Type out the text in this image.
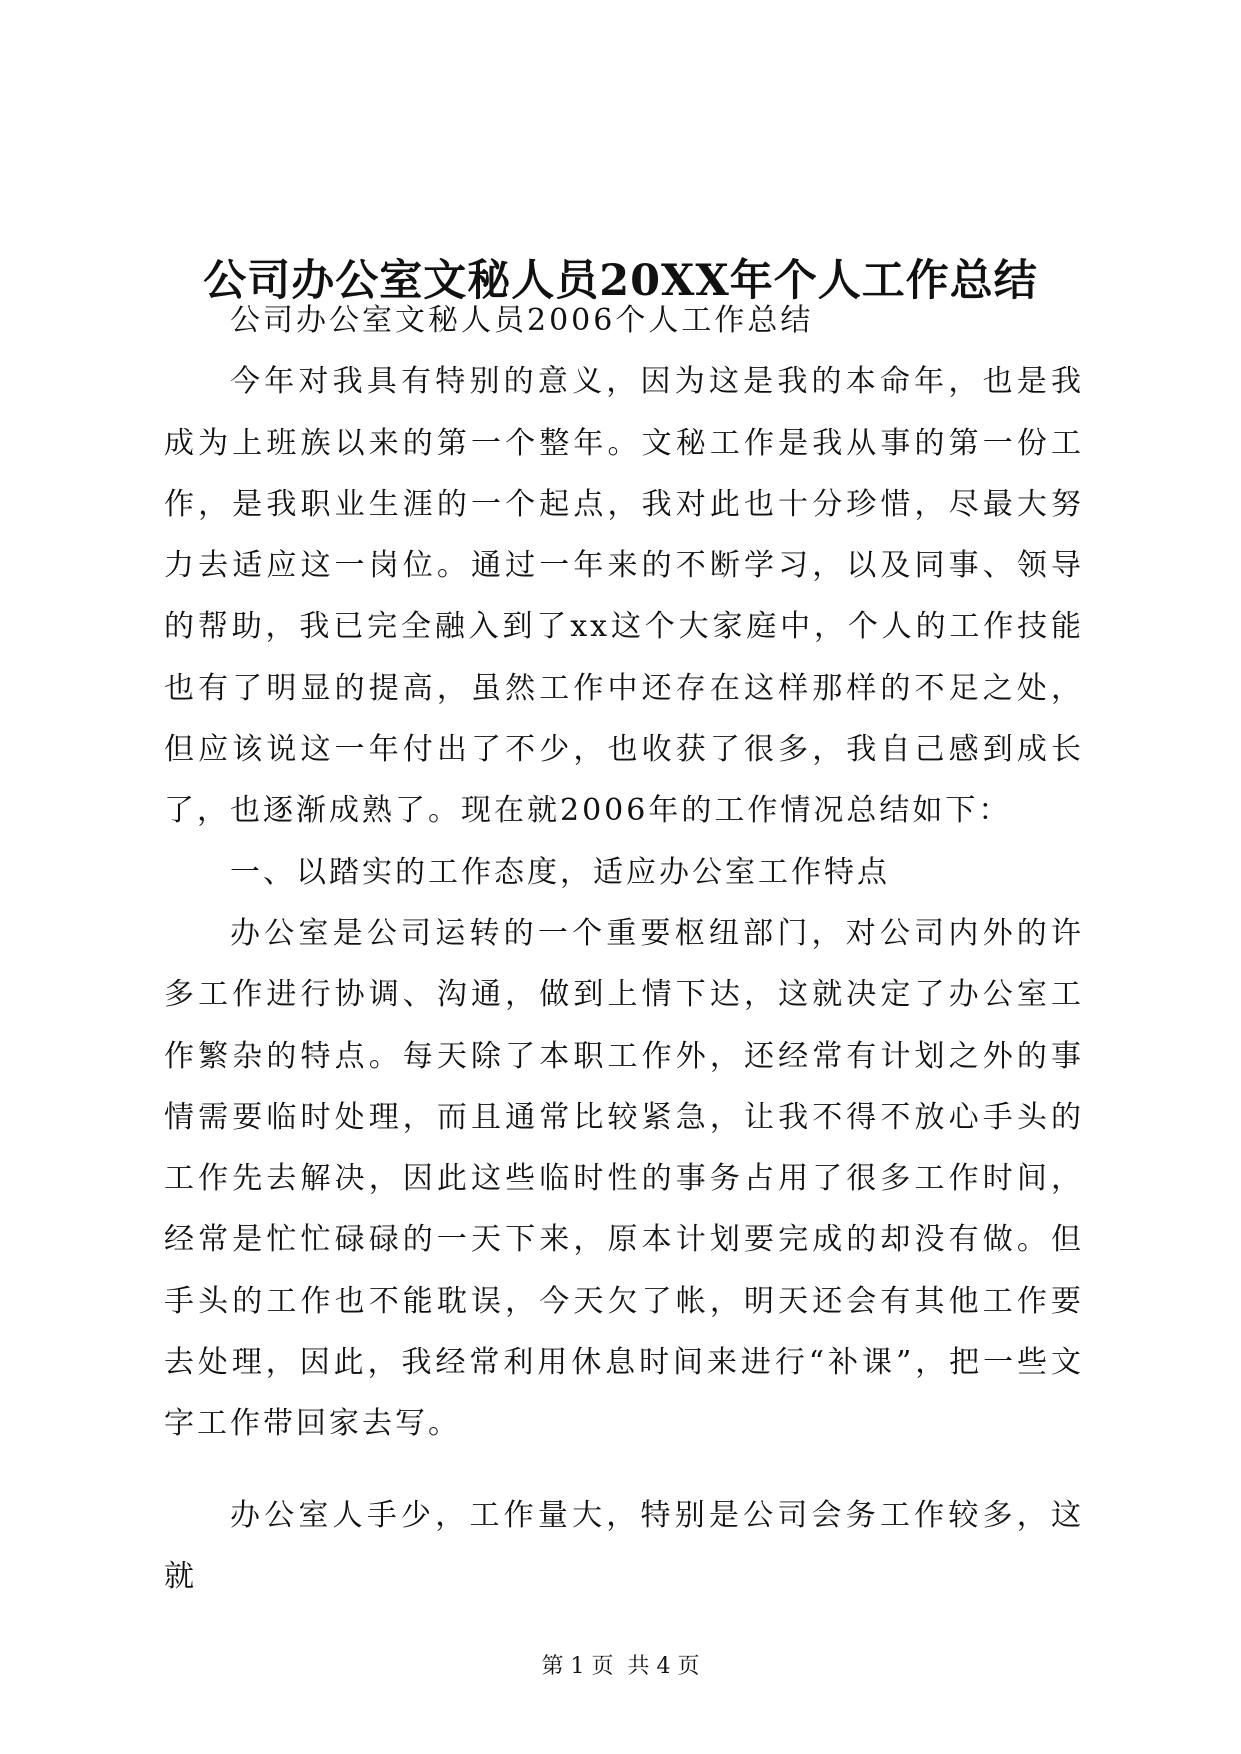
公司办公室文秘人员20XX年个人工作总结

公司办公室文秘人员2006个人工作总结

今年对我具有特别的意义，因为这是我的本命年，也是我成为上班族以来的第一个整年。文秘工作是我从事的第一份工作，是我职业生涯的一个起点，我对此也十分珍惜，尽最大努力去适应这一岗位。通过一年来的不断学习，以及同事、领导的帮助，我已完全融入到了xx这个大家庭中，个人的工作技能也有了明显的提高，虽然工作中还存在这样那样的不足之处，但应该说这一年付出了不少，也收获了很多，我自己感到成长了，也逐渐成熟了。现在就2006年的工作情况总结如下：

一、以踏实的工作态度，适应办公室工作特点

办公室是公司运转的一个重要枢纽部门，对公司内外的许多工作进行协调、沟通，做到上情下达，这就决定了办公室工作繁杂的特点。每天除了本职工作外，还经常有计划之外的事情需要临时处理，而且通常比较紧急，让我不得不放心手头的工作先去解决，因此这些临时性的事务占用了很多工作时间，经常是忙忙碌碌的一天下来，原本计划要完成的却没有做。但手头的工作也不能耽误，今天欠了帐，明天还会有其他工作要去处理，因此，我经常利用休息时间来进行“补课”，把一些文字工作带回家去写。

办公室人手少，工作量大，特别是公司会务工作较多，这就

第 1 页  共 4 页
